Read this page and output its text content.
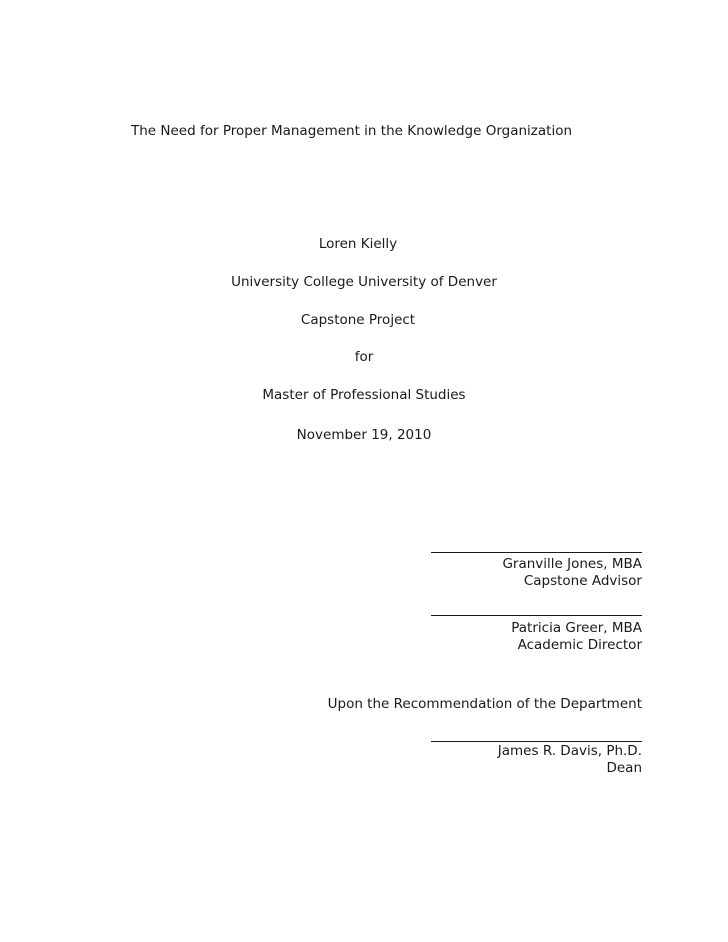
The Need for Proper Management in the Knowledge Organization
Loren Kielly
University College University of Denver
Capstone Project
for
Master of Professional Studies
November 19, 2010
Granville Jones, MBA
Capstone Advisor
Patricia Greer, MBA
Academic Director
Upon the Recommendation of the Department
James R. Davis, Ph.D.
Dean
